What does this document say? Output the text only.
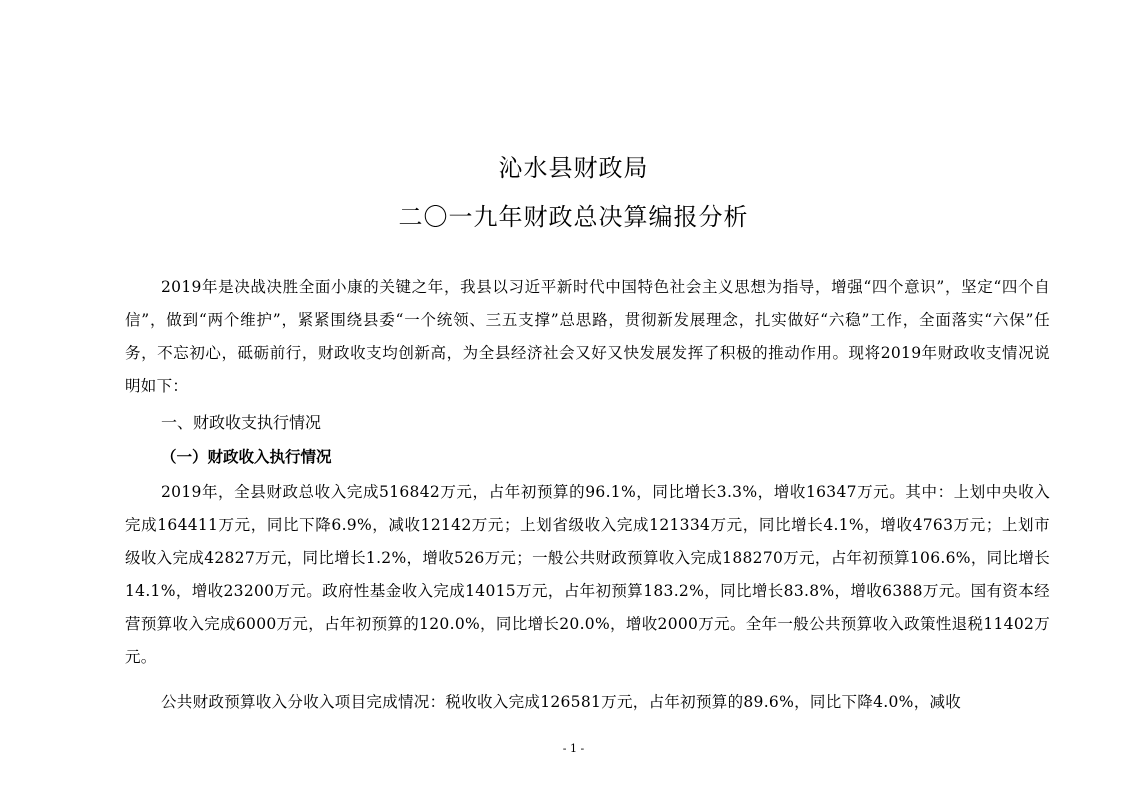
沁水县财政局
二〇一九年财政总决算编报分析
2019年是决战决胜全面小康的关键之年，我县以习近平新时代中国特色社会主义思想为指导，增强“四个意识”，坚定“四个自信”，做到“两个维护”，紧紧围绕县委“一个统领、三五支撑”总思路，贯彻新发展理念，扎实做好“六稳”工作，全面落实“六保”任务，不忘初心，砥砺前行，财政收支均创新高，为全县经济社会又好又快发展发挥了积极的推动作用。现将2019年财政收支情况说明如下：
一、财政收支执行情况
（一）财政收入执行情况
2019年，全县财政总收入完成516842万元，占年初预算的96.1%，同比增长3.3%，增收16347万元。其中：上划中央收入完成164411万元，同比下降6.9%，减收12142万元；上划省级收入完成121334万元，同比增长4.1%，增收4763万元；上划市级收入完成42827万元，同比增长1.2%，增收526万元；一般公共财政预算收入完成188270万元，占年初预算106.6%，同比增长14.1%，增收23200万元。政府性基金收入完成14015万元，占年初预算183.2%，同比增长83.8%，增收6388万元。国有资本经营预算收入完成6000万元，占年初预算的120.0%，同比增长20.0%，增收2000万元。全年一般公共预算收入政策性退税11402万元。
公共财政预算收入分收入项目完成情况：税收收入完成126581万元，占年初预算的89.6%，同比下降4.0%，减收
- 1 -
